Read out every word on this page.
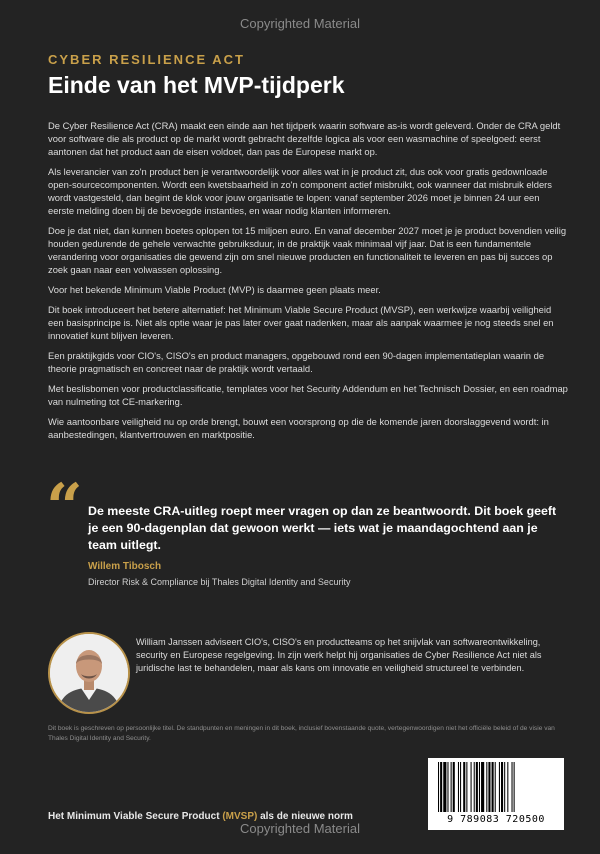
Copyrighted Material
CYBER RESILIENCE ACT
Einde van het MVP-tijdperk

De Cyber Resilience Act (CRA) maakt een einde aan het tijdperk waarin software as-is wordt geleverd. Onder de CRA geldt voor software die als product op de markt wordt gebracht dezelfde logica als voor een wasmachine of speelgoed: eerst aantonen dat het product aan de eisen voldoet, dan pas de Europese markt op.

Als leverancier van zo'n product ben je verantwoordelijk voor alles wat in je product zit, dus ook voor gratis gedownloade open-sourcecomponenten. Wordt een kwetsbaarheid in zo'n component actief misbruikt, ook wanneer dat misbruik elders wordt vastgesteld, dan begint de klok voor jouw organisatie te lopen: vanaf september 2026 moet je binnen 24 uur een eerste melding doen bij de bevoegde instanties, en waar nodig klanten informeren.

Doe je dat niet, dan kunnen boetes oplopen tot 15 miljoen euro. En vanaf december 2027 moet je je product bovendien veilig houden gedurende de gehele verwachte gebruiksduur, in de praktijk vaak minimaal vijf jaar. Dat is een fundamentele verandering voor organisaties die gewend zijn om snel nieuwe producten en functionaliteit te leveren en pas bij succes op zoek gaan naar een volwassen oplossing.

Voor het bekende Minimum Viable Product (MVP) is daarmee geen plaats meer.

Dit boek introduceert het betere alternatief: het Minimum Viable Secure Product (MVSP), een werkwijze waarbij veiligheid een basisprincipe is. Niet als optie waar je pas later over gaat nadenken, maar als aanpak waarmee je nog steeds snel en innovatief kunt blijven leveren.

Een praktijkgids voor CIO's, CISO's en product managers, opgebouwd rond een 90-dagen implementatieplan waarin de theorie pragmatisch en concreet naar de praktijk wordt vertaald.

Met beslisbomen voor productclassificatie, templates voor het Security Addendum en het Technisch Dossier, en een roadmap van nulmeting tot CE-markering.

Wie aantoonbare veiligheid nu op orde brengt, bouwt een voorsprong op die de komende jaren doorslaggevend wordt: in aanbestedingen, klantvertrouwen en marktpositie.

“ De meeste CRA-uitleg roept meer vragen op dan ze beantwoordt. Dit boek geeft je een 90-dagenplan dat gewoon werkt — iets wat je maandagochtend aan je team uitlegt.
Willem Tibosch
Director Risk & Compliance bij Thales Digital Identity and Security
William Janssen adviseert CIO's, CISO's en productteams op het snijvlak van softwareontwikkeling, security en Europese regelgeving. In zijn werk helpt hij organisaties de Cyber Resilience Act niet als juridische last te behandelen, maar als kans om innovatie en veiligheid structureel te verbinden.
Dit boek is geschreven op persoonlijke titel. De standpunten en meningen in dit boek, inclusief bovenstaande quote, vertegenwoordigen niet het officiële beleid of de visie van Thales Digital Identity and Security.
9 789083 720500
Het Minimum Viable Secure Product (MVSP) als de nieuwe norm
Copyrighted Material
